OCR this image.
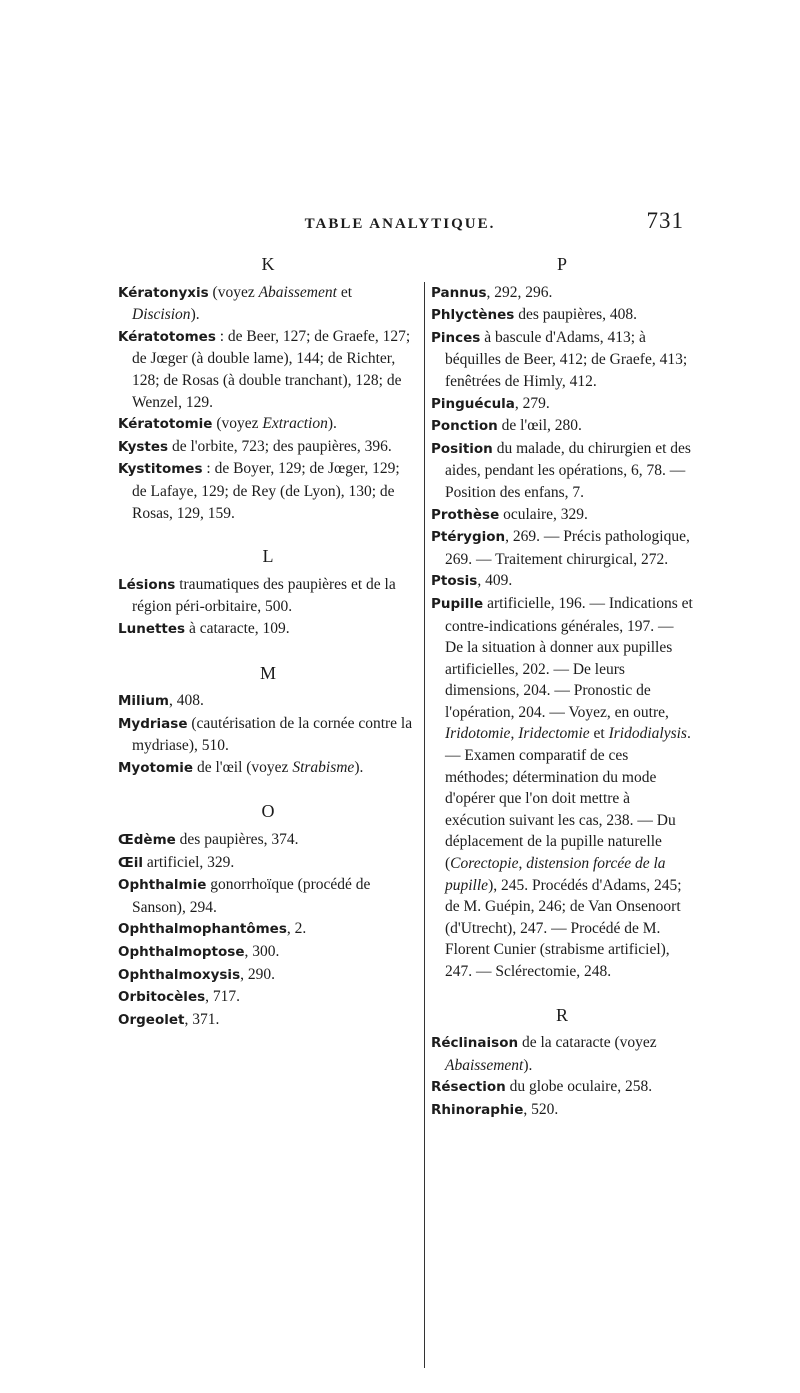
TABLE ANALYTIQUE.	731
K

Kératonyxis (voyez Abaissement et Discision).

Kératotomes : de Beer, 127; de Graefe, 127; de Jœger (à double lame), 144; de Richter, 128; de Rosas (à double tranchant), 128; de Wenzel, 129.

Kératotomie (voyez Extraction).

Kystes de l'orbite, 723; des paupières, 396.

Kystitomes : de Boyer, 129; de Jœger, 129; de Lafaye, 129; de Rey (de Lyon), 130; de Rosas, 129, 159.

L

Lésions traumatiques des paupières et de la région péri-orbitaire, 500.

Lunettes à cataracte, 109.

M

Milium, 408.

Mydriase (cautérisation de la cornée contre la mydriase), 510.

Myotomie de l'œil (voyez Strabisme).

O

Œdème des paupières, 374.

Œil artificiel, 329.

Ophthalmie gonorrhoïque (procédé de Sanson), 294.

Ophthalmophantômes, 2.

Ophthalmoptose, 300.

Ophthalmoxysis, 290.

Orbitocèles, 717.

Orgeolet, 371.

P

Pannus, 292, 296.

Phlyctènes des paupières, 408.

Pinces à bascule d'Adams, 413; à béquilles de Beer, 412; de Graefe, 413; fenêtrées de Himly, 412.

Pinguécula, 279.

Ponction de l'œil, 280.

Position du malade, du chirurgien et des aides, pendant les opérations, 6, 78. — Position des enfans, 7.

Prothèse oculaire, 329.

Ptérygion, 269. — Précis pathologique, 269. — Traitement chirurgical, 272.

Ptosis, 409.

Pupille artificielle, 196. — Indications et contre-indications générales, 197. — De la situation à donner aux pupilles artificielles, 202. — De leurs dimensions, 204. — Pronostic de l'opération, 204. — Voyez, en outre, Iridotomie, Iridectomie et Iridodialysis. — Examen comparatif de ces méthodes; détermination du mode d'opérer que l'on doit mettre à exécution suivant les cas, 238. — Du déplacement de la pupille naturelle (Corectopie, distension forcée de la pupille), 245. Procédés d'Adams, 245; de M. Guépin, 246; de Van Onsenoort (d'Utrecht), 247. — Procédé de M. Florent Cunier (strabisme artificiel), 247. — Sclérectomie, 248.

R

Réclinaison de la cataracte (voyez Abaissement).

Résection du globe oculaire, 258.

Rhinoraphie, 520.
